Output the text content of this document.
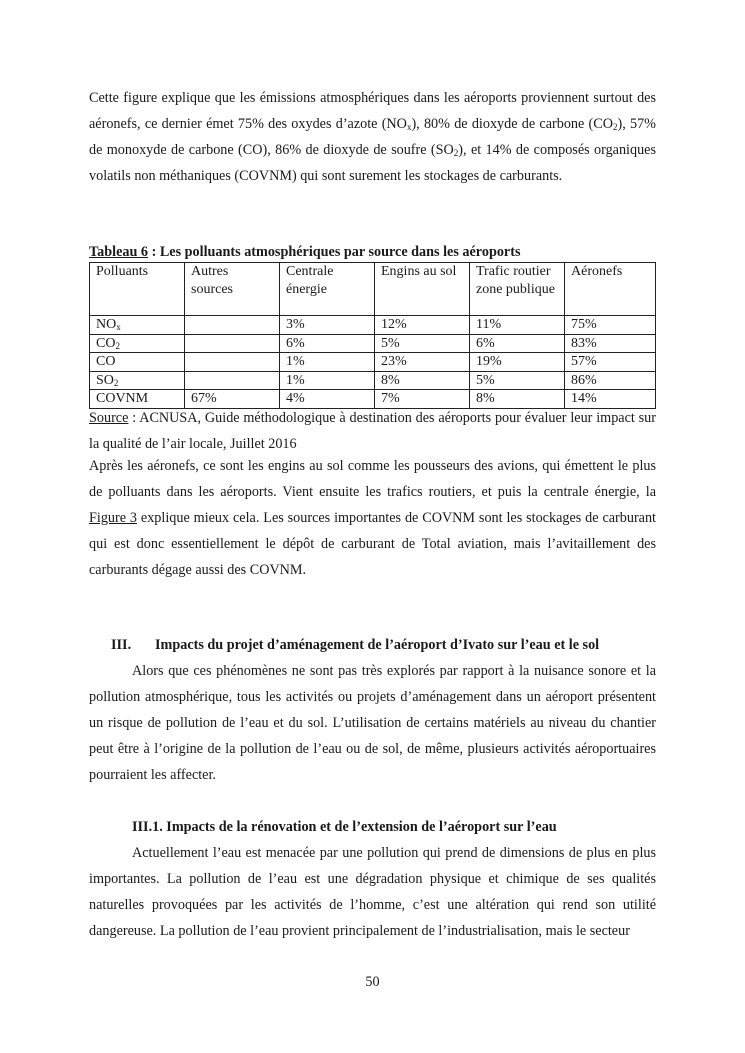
Cette figure explique que les émissions atmosphériques dans les aéroports proviennent surtout des aéronefs, ce dernier émet 75% des oxydes d’azote $(NO_x)$, 80% de dioxyde de carbone $(CO_2)$, 57% de monoxyde de carbone (CO), 86% de dioxyde de soufre $(SO_2)$, et 14% de composés organiques volatils non méthaniques (COVNM) qui sont surement les stockages de carburants.

Tableau 6 : Les polluants atmosphériques par source dans les aéroports
Polluants	Autres sources	Centrale énergie	Engins au sol	Trafic routier zone publique	Aéronefs
$NO_x$		3%	12%	11%	75%
$CO_2$		6%	5%	6%	83%
CO		1%	23%	19%	57%
$SO_2$		1%	8%	5%	86%
COVNM	67%	4%	7%	8%	14%
Source : ACNUSA, Guide méthodologique à destination des aéroports pour évaluer leur impact sur la qualité de l’air locale, Juillet 2016

Après les aéronefs, ce sont les engins au sol comme les pousseurs des avions, qui émettent le plus de polluants dans les aéroports. Vient ensuite les trafics routiers, et puis la centrale énergie, la Figure 3 explique mieux cela. Les sources importantes de COVNM sont les stockages de carburant qui est donc essentiellement le dépôt de carburant de Total aviation, mais l’avitaillement des carburants dégage aussi des COVNM.

III. Impacts du projet d’aménagement de l’aéroport d’Ivato sur l’eau et le sol

Alors que ces phénomènes ne sont pas très explorés par rapport à la nuisance sonore et la pollution atmosphérique, tous les activités ou projets d’aménagement dans un aéroport présentent un risque de pollution de l’eau et du sol. L’utilisation de certains matériels au niveau du chantier peut être à l’origine de la pollution de l’eau ou de sol, de même, plusieurs activités aéroportuaires pourraient les affecter.

III.1. Impacts de la rénovation et de l’extension de l’aéroport sur l’eau

Actuellement l’eau est menacée par une pollution qui prend de dimensions de plus en plus importantes. La pollution de l’eau est une dégradation physique et chimique de ses qualités naturelles provoquées par les activités de l’homme, c’est une altération qui rend son utilité dangereuse. La pollution de l’eau provient principalement de l’industrialisation, mais le secteur

50
